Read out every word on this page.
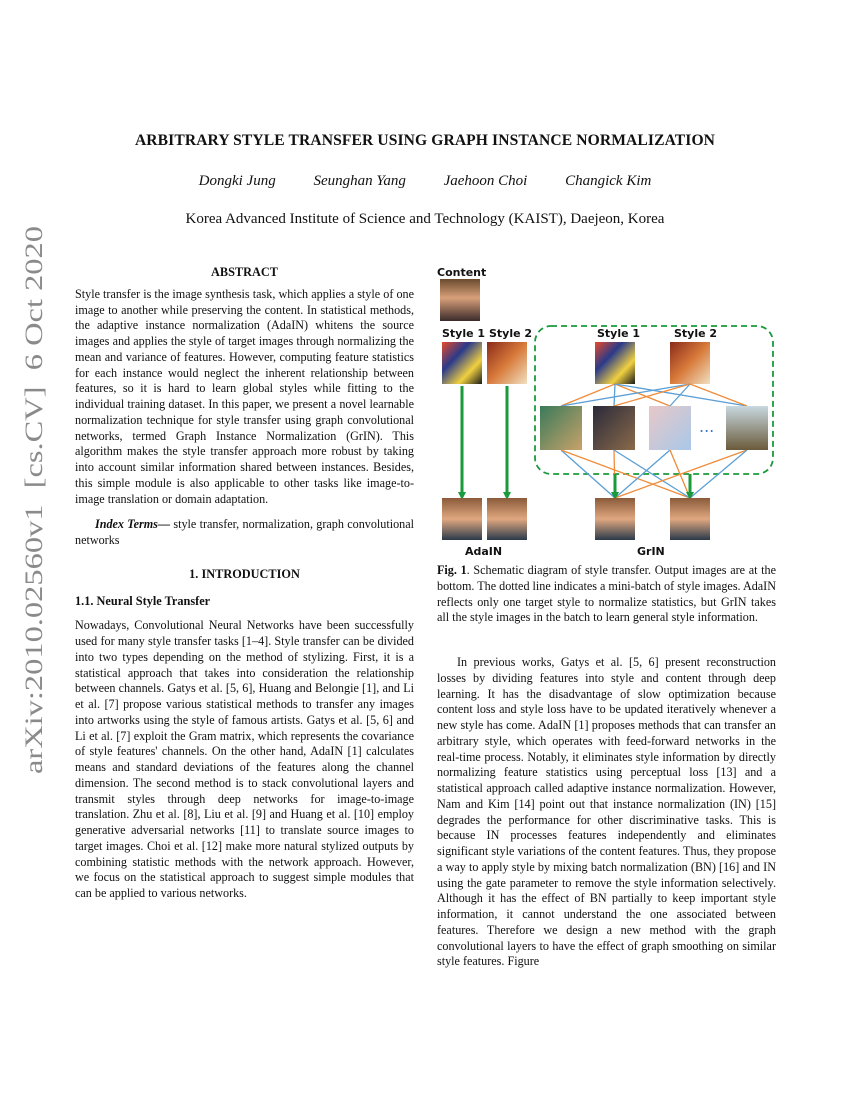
arXiv:2010.02560v1  [cs.CV]  6 Oct 2020
ARBITRARY STYLE TRANSFER USING GRAPH INSTANCE NORMALIZATION
Dongki Jung	Seunghan Yang	Jaehoon Choi	Changick Kim
Korea Advanced Institute of Science and Technology (KAIST), Daejeon, Korea

ABSTRACT

Style transfer is the image synthesis task, which applies a style of one image to another while preserving the content. In statistical methods, the adaptive instance normalization (AdaIN) whitens the source images and applies the style of target images through normalizing the mean and variance of features. However, computing feature statistics for each instance would neglect the inherent relationship between features, so it is hard to learn global styles while fitting to the individual training dataset. In this paper, we present a novel learnable normalization technique for style transfer using graph convolutional networks, termed Graph Instance Normalization (GrIN). This algorithm makes the style transfer approach more robust by taking into account similar information shared between instances. Besides, this simple module is also applicable to other tasks like image-to-image translation or domain adaptation.

Index Terms— style transfer, normalization, graph convolutional networks

1. INTRODUCTION

1.1. Neural Style Transfer

Nowadays, Convolutional Neural Networks have been successfully used for many style transfer tasks [1–4]. Style transfer can be divided into two types depending on the method of stylizing. First, it is a statistical approach that takes into consideration the relationship between channels. Gatys et al. [5, 6], Huang and Belongie [1], and Li et al. [7] propose various statistical methods to transfer any images into artworks using the style of famous artists. Gatys et al. [5, 6] and Li et al. [7] exploit the Gram matrix, which represents the covariance of style features' channels. On the other hand, AdaIN [1] calculates means and standard deviations of the features along the channel dimension. The second method is to stack convolutional layers and transmit styles through deep networks for image-to-image translation. Zhu et al. [8], Liu et al. [9] and Huang et al. [10] employ generative adversarial networks [11] to translate source images to target images. Choi et al. [12] make more natural stylized outputs by combining statistic methods with the network approach. However, we focus on the statistical approach to suggest simple modules that can be applied to various networks.

Content
Style 1 Style 2
AdaIN
Style 1	Style 2
...
GrIN
Fig. 1. Schematic diagram of style transfer. Output images are at the bottom. The dotted line indicates a mini-batch of style images. AdaIN reflects only one target style to normalize statistics, but GrIN takes all the style images in the batch to learn general style information.

In previous works, Gatys et al. [5, 6] present reconstruction losses by dividing features into style and content through deep learning. It has the disadvantage of slow optimization because content loss and style loss have to be updated iteratively whenever a new style has come. AdaIN [1] proposes methods that can transfer an arbitrary style, which operates with feed-forward networks in the real-time process. Notably, it eliminates style information by directly normalizing feature statistics using perceptual loss [13] and a statistical approach called adaptive instance normalization. However, Nam and Kim [14] point out that instance normalization (IN) [15] degrades the performance for other discriminative tasks. This is because IN processes features independently and eliminates significant style variations of the content features. Thus, they propose a way to apply style by mixing batch normalization (BN) [16] and IN using the gate parameter to remove the style information selectively. Although it has the effect of BN partially to keep important style information, it cannot understand the one associated between features. Therefore we design a new method with the graph convolutional layers to have the effect of graph smoothing on similar style features. Figure
